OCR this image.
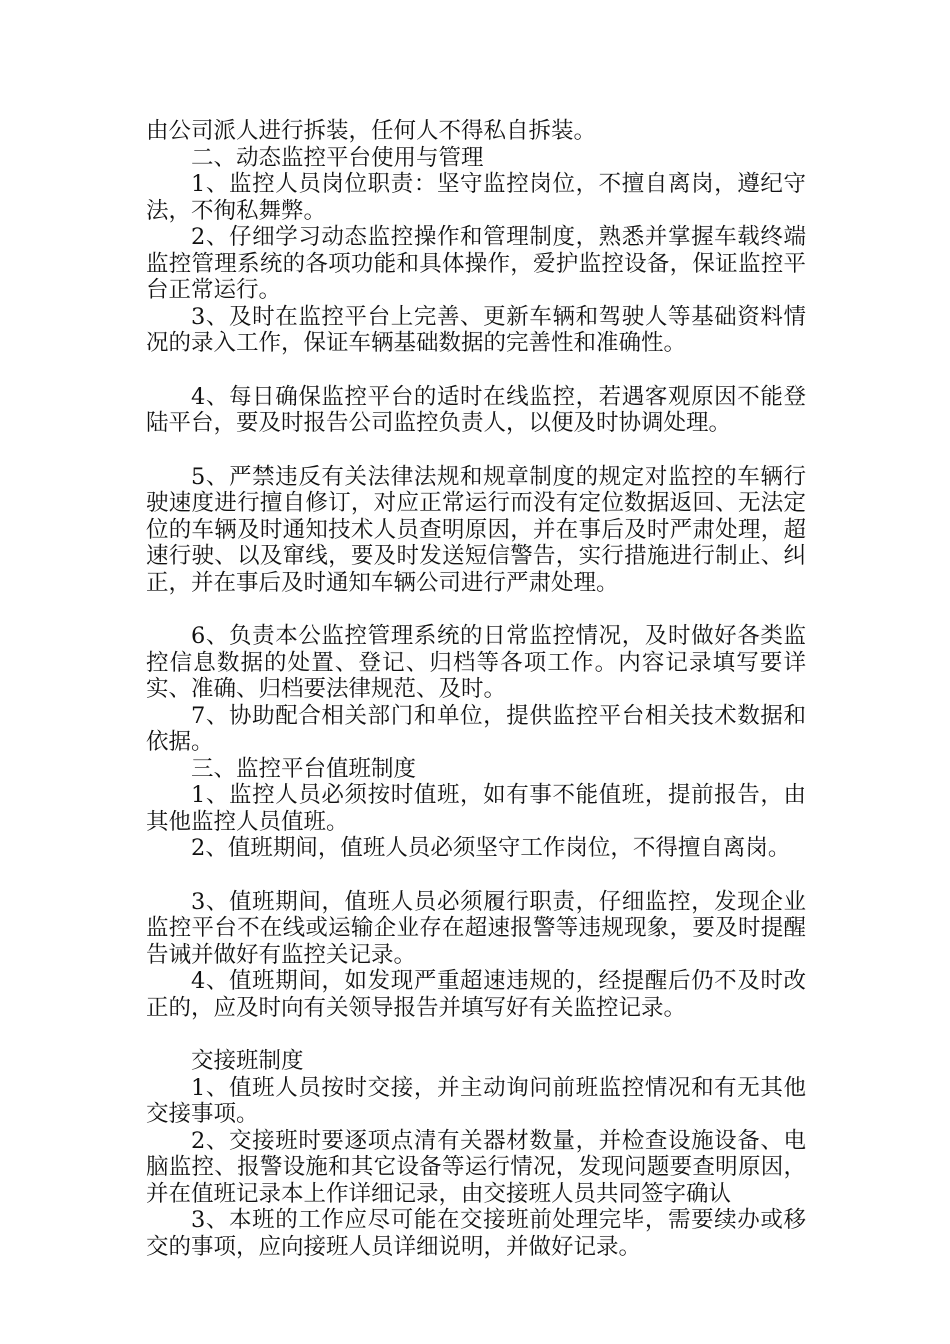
由公司派人进行拆装，任何人不得私自拆装。

二、动态监控平台使用与管理

1、监控人员岗位职责：坚守监控岗位，不擅自离岗，遵纪守法，不徇私舞弊。

2、仔细学习动态监控操作和管理制度，熟悉并掌握车载终端监控管理系统的各项功能和具体操作，爱护监控设备，保证监控平台正常运行。

3、及时在监控平台上完善、更新车辆和驾驶人等基础资料情况的录入工作，保证车辆基础数据的完善性和准确性。

4、每日确保监控平台的适时在线监控，若遇客观原因不能登陆平台，要及时报告公司监控负责人，以便及时协调处理。

5、严禁违反有关法律法规和规章制度的规定对监控的车辆行驶速度进行擅自修订，对应正常运行而没有定位数据返回、无法定位的车辆及时通知技术人员查明原因，并在事后及时严肃处理，超速行驶、以及窜线，要及时发送短信警告，实行措施进行制止、纠正，并在事后及时通知车辆公司进行严肃处理。

6、负责本公监控管理系统的日常监控情况，及时做好各类监控信息数据的处置、登记、归档等各项工作。内容记录填写要详实、准确、归档要法律规范、及时。

7、协助配合相关部门和单位，提供监控平台相关技术数据和依据。

三、监控平台值班制度

1、监控人员必须按时值班，如有事不能值班，提前报告，由其他监控人员值班。

2、值班期间，值班人员必须坚守工作岗位，不得擅自离岗。

3、值班期间，值班人员必须履行职责，仔细监控，发现企业监控平台不在线或运输企业存在超速报警等违规现象，要及时提醒告诫并做好有监控关记录。

4、值班期间，如发现严重超速违规的，经提醒后仍不及时改正的，应及时向有关领导报告并填写好有关监控记录。

交接班制度

1、值班人员按时交接，并主动询问前班监控情况和有无其他交接事项。

2、交接班时要逐项点清有关器材数量，并检查设施设备、电脑监控、报警设施和其它设备等运行情况，发现问题要查明原因，并在值班记录本上作详细记录，由交接班人员共同签字确认

3、本班的工作应尽可能在交接班前处理完毕，需要续办或移交的事项，应向接班人员详细说明，并做好记录。
